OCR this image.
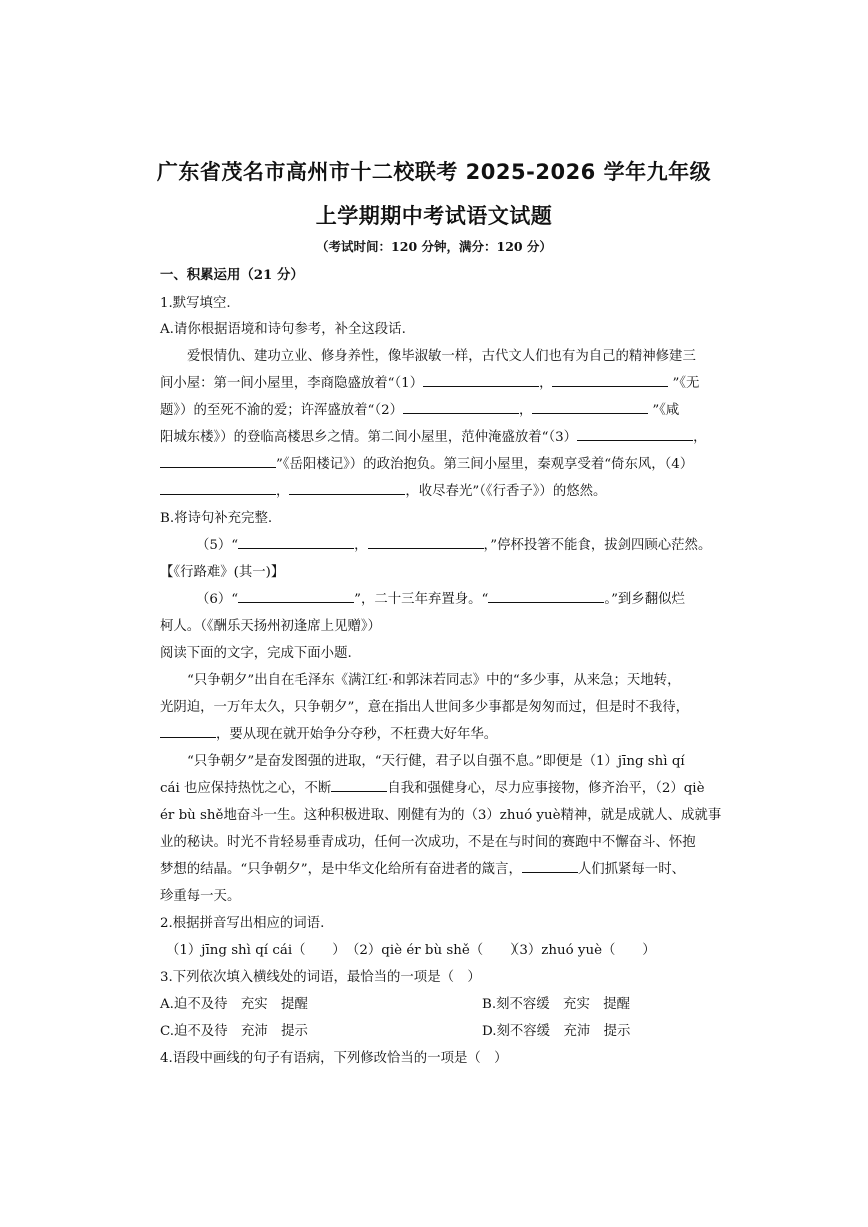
广东省茂名市高州市十二校联考 2025-2026 学年九年级
上学期期中考试语文试题
（考试时间：120 分钟，满分：120 分）
一、积累运用（21 分）
1.默写填空.
A.请你根据语境和诗句参考，补全这段话.
爱恨情仇、建功立业、修身养性，像毕淑敏一样，古代文人们也有为自己的精神修建三
间小屋：第一间小屋里，李商隐盛放着“（1）	，	”《无
题》）的至死不渝的爱；许浑盛放着“（2）	，	”《咸
阳城东楼》）的登临高楼思乡之情。第二间小屋里，范仲淹盛放着“（3）	，
”《岳阳楼记》）的政治抱负。第三间小屋里，秦观享受着“倚东风，（4）
，	，收尽春光”（《行香子》）的悠然。
B.将诗句补充完整.
（5）“	，	，”停杯投箸不能食，拔剑四顾心茫然。
【《行路难》(其一)】
（6）“	”，二十三年弃置身。“	。”到乡翻似烂
柯人。（《酬乐天扬州初逢席上见赠》）
阅读下面的文字，完成下面小题.
“只争朝夕”出自在毛泽东《满江红·和郭沫若同志》中的“多少事，从来急；天地转，
光阴迫，一万年太久，只争朝夕”，意在指出人世间多少事都是匆匆而过，但是时不我待，
，要从现在就开始争分夺秒，不枉费大好年华。
“只争朝夕”是奋发图强的进取，“天行健，君子以自强不息。”即便是（1）jīng shì qí
cái 也应保持热忱之心，不断	自我和强健身心，尽力应事接物，修齐治平，（2）qiè
ér bù shě地奋斗一生。这种积极进取、刚健有为的（3）zhuó yuè精神，就是成就人、成就事
业的秘诀。时光不肯轻易垂青成功，任何一次成功，不是在与时间的赛跑中不懈奋斗、怀抱
梦想的结晶。“只争朝夕”，是中华文化给所有奋进者的箴言，	人们抓紧每一时、
珍重每一天。
2.根据拼音写出相应的词语.
（1）jīng shì qí cái（　　） （2）qiè ér bù shě（　　）
（3）zhuó yuè（　　）
3.下列依次填入横线处的词语，最恰当的一项是（　）
A.迫不及待　充实　提醒	B.刻不容缓　充实　提醒
C.迫不及待　充沛　提示	D.刻不容缓　充沛　提示
4.语段中画线的句子有语病，下列修改恰当的一项是（　）
